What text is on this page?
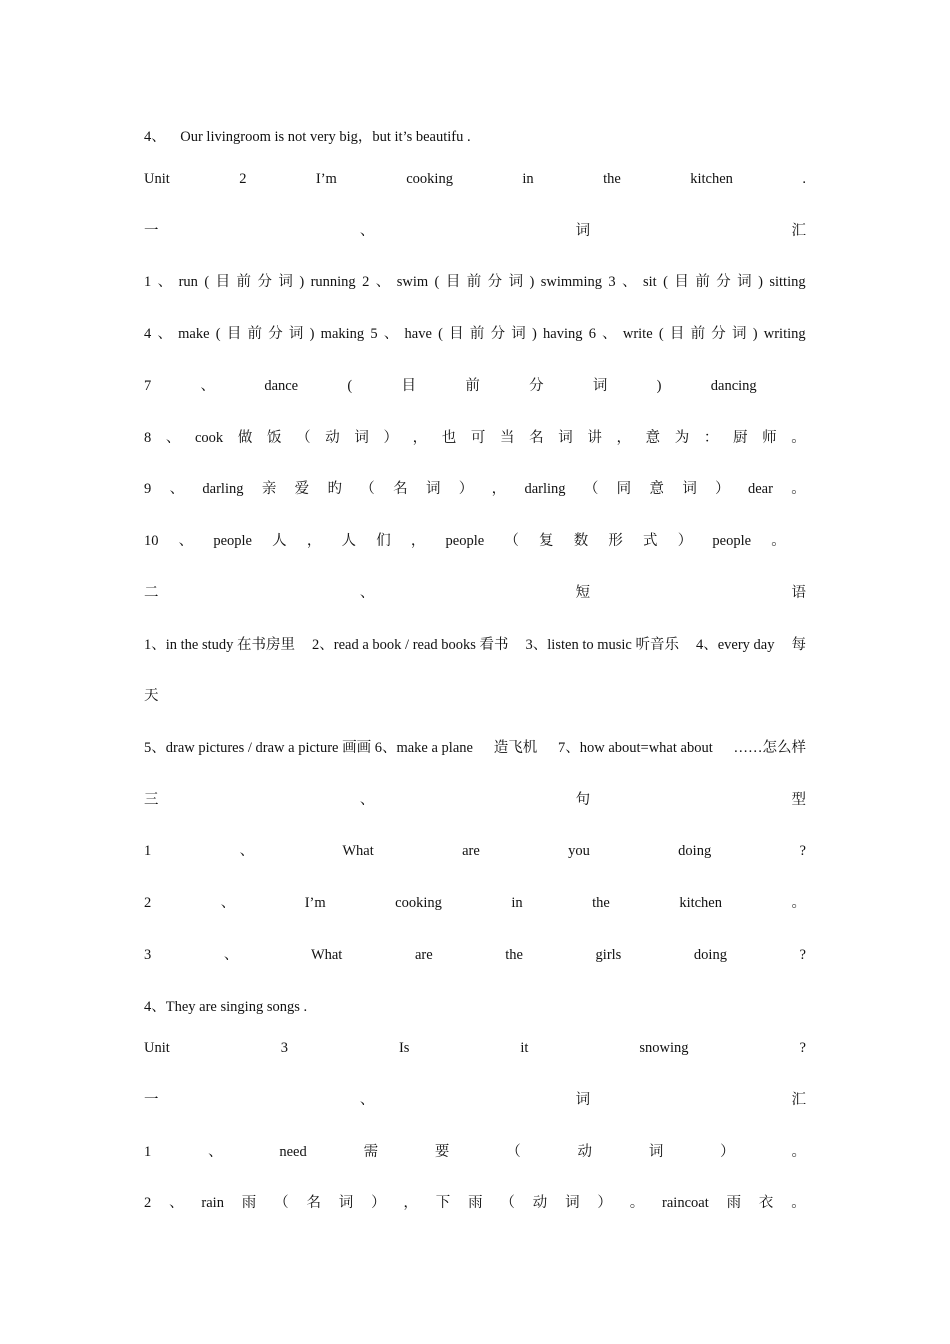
4、    Our livingroom is not very big，but it’s beautifu .
Unit	2	I’m	cooking	in	the	kitchen	.
一	、	词	汇
1 、 run ( 目 前 分 词 ) running 2 、 swim ( 目 前 分 词 ) swimming 3 、 sit ( 目 前 分 词 ) sitting
4 、 make ( 目 前 分 词 ) making 5 、 have ( 目 前 分 词 ) having 6 、 write ( 目 前 分 词 ) writing
7	、	dance	(	目	前	分	词	)	dancing
8 、 cook 做 饭 （ 动 词 ） ， 也 可 当 名 词 讲 ， 意 为 ： 厨 师 。
9 、 darling 亲 爱 旳 （ 名 词 ） ， darling （ 同 意 词 ） dear 。
10 、 people 人 ， 人 们 ， people （ 复 数 形 式 ） people 。
二	、	短	语
1、in the study 在书房里 2、read a book / read books 看书 3、listen to music 听音乐 4、every day 每
天
5、draw pictures / draw a picture 画画 6、make a plane 造飞机 7、how about=what about ……怎么样
三	、	句	型
1	、	What	are	you	doing	?
2	、	I’m	cooking	in	the	kitchen	。
3	、	What	are	the	girls	doing	?
4、They are singing songs .
Unit	3	Is	it	snowing	?
一	、	词	汇
1	、	need	需	要	（	动	词	）	。
2 、 rain 雨 （ 名 词 ） ， 下 雨 （ 动 词 ） 。 raincoat 雨 衣 。
